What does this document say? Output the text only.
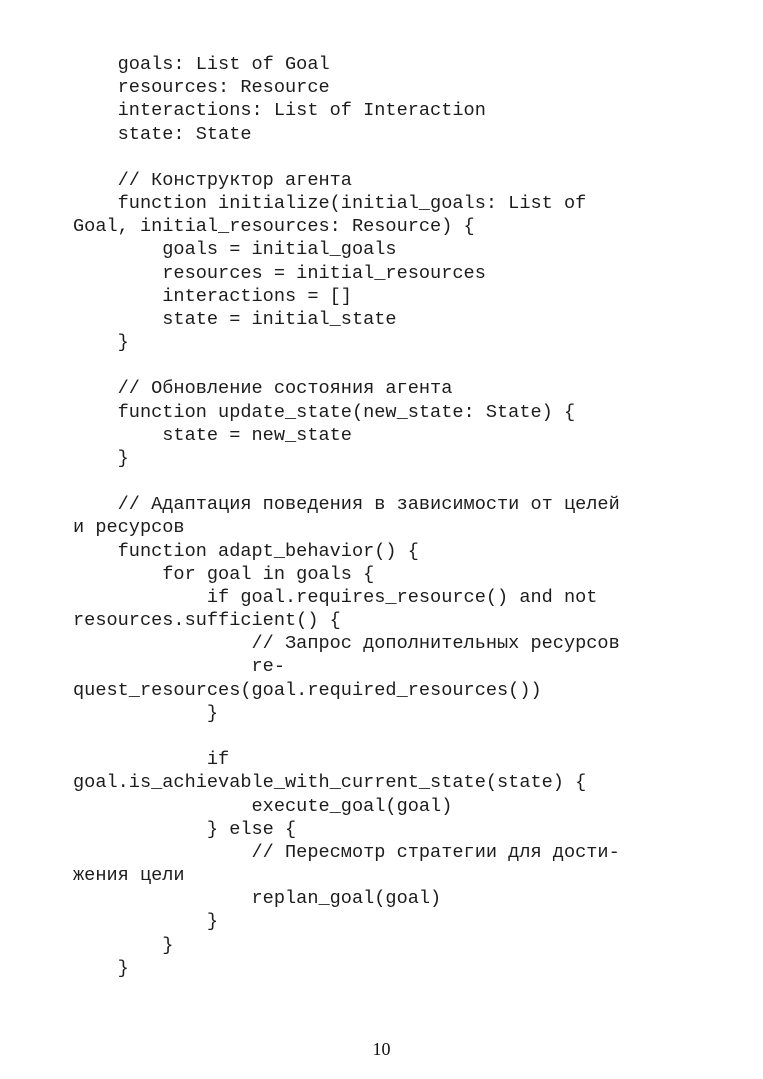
goals: List of Goal
resources: Resource
interactions: List of Interaction
state: State
// Конструктор агента
function initialize(initial_goals: List of
Goal, initial_resources: Resource) {
goals = initial_goals
resources = initial_resources
interactions = []
state = initial_state
}
// Обновление состояния агента
function update_state(new_state: State) {
state = new_state
}
// Адаптация поведения в зависимости от целей
и ресурсов
function adapt_behavior() {
for goal in goals {
if goal.requires_resource() and not
resources.sufficient() {
// Запрос дополнительных ресурсов
re-
quest_resources(goal.required_resources())
}
if
goal.is_achievable_with_current_state(state) {
execute_goal(goal)
} else {
// Пересмотр стратегии для дости-
жения цели
replan_goal(goal)
}
}
}
10
